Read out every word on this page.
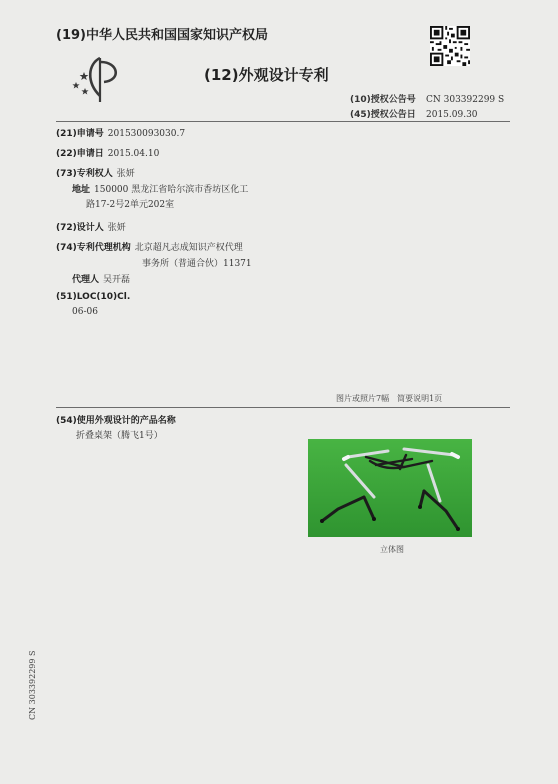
(19)中华人民共和国国家知识产权局
(12)外观设计专利
(10)授权公告号 CN 303392299 S
(45)授权公告日 2015.09.30
(21)申请号 201530093030.7
(22)申请日 2015.04.10
(73)专利权人 张妍
地址 150000 黑龙江省哈尔滨市香坊区化工
路17-2号2单元202室
(72)设计人 张妍
(74)专利代理机构 北京超凡志成知识产权代理
事务所（普通合伙）11371
代理人 吴开磊
(51)LOC(10)Cl.
06-06
图片或照片7幅 简要说明1页
(54)使用外观设计的产品名称
折叠桌架（腾飞1号）
立体图
CN 303392299 S
